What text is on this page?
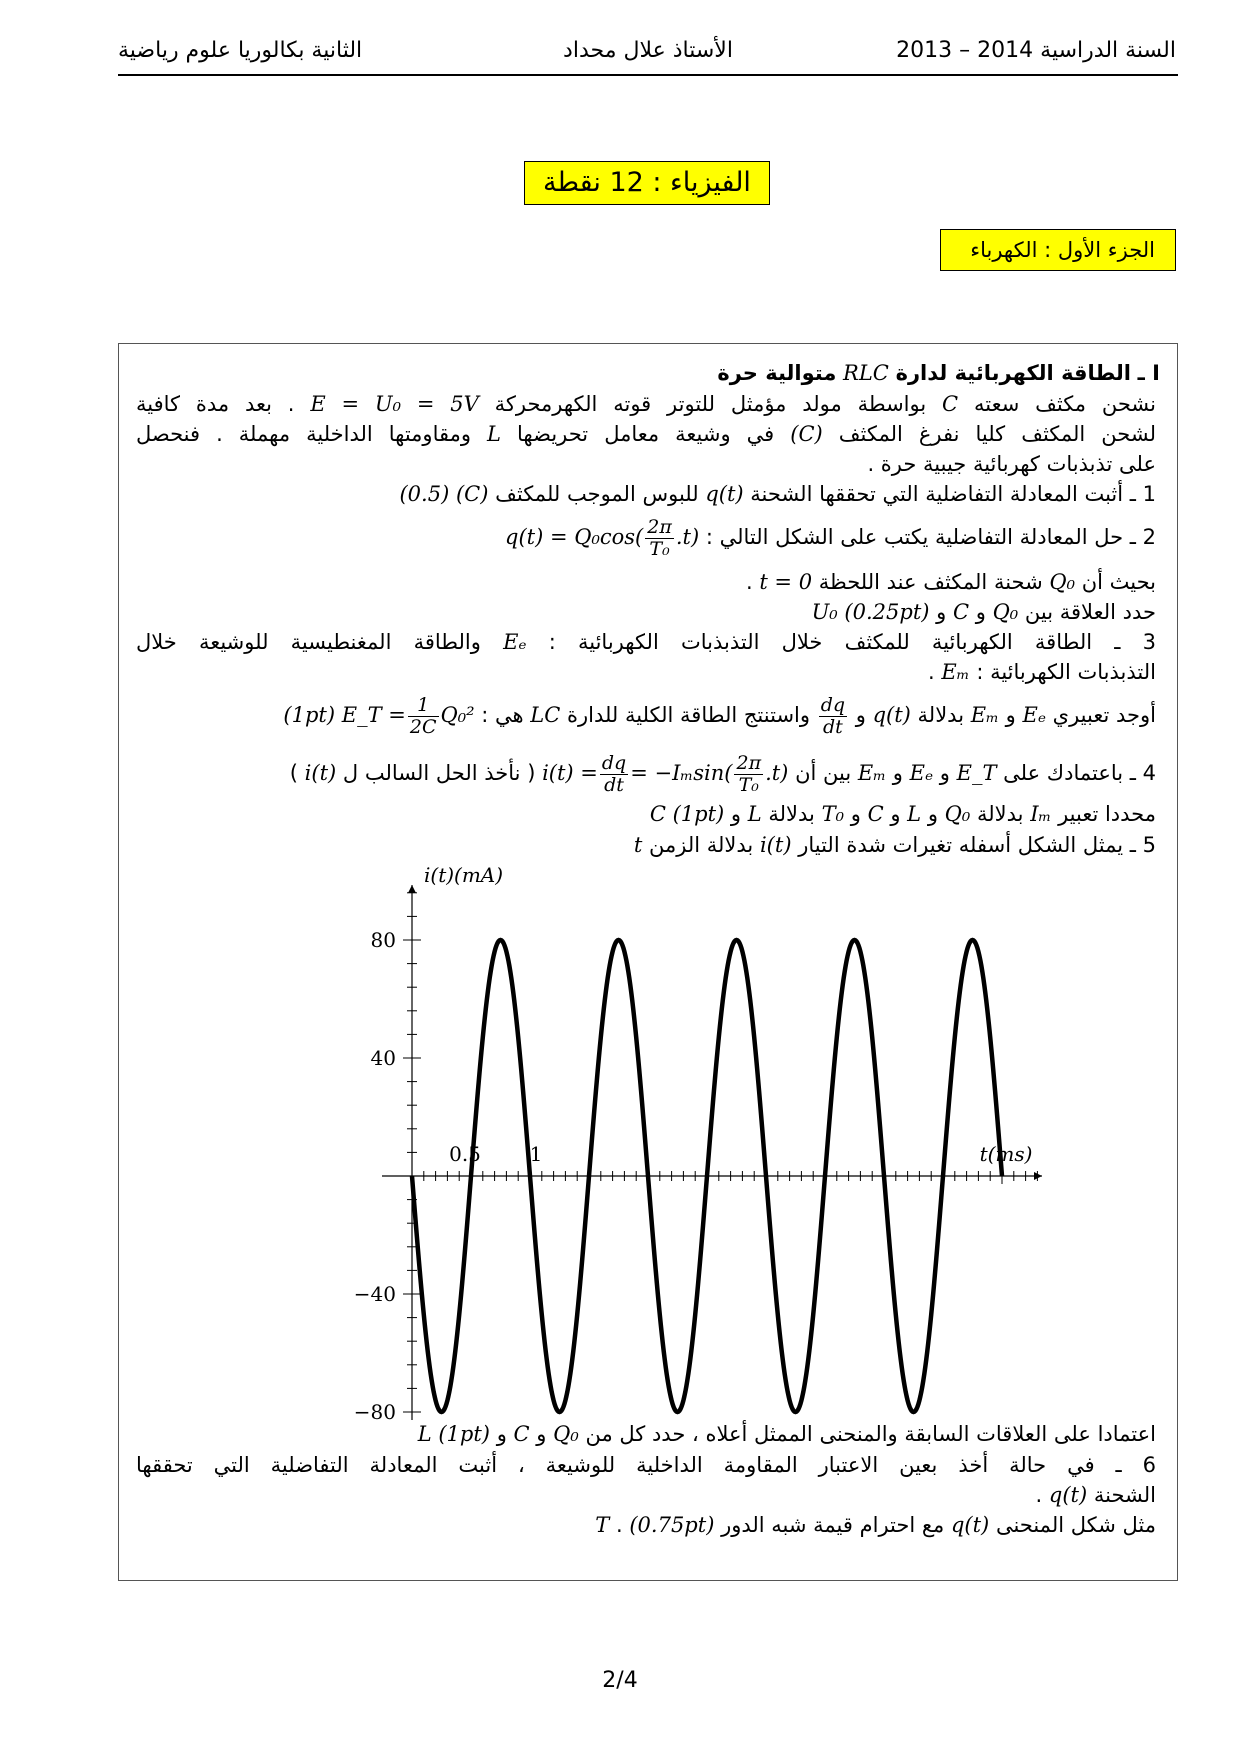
السنة الدراسية 2014 – 2013
الأستاذ علال محداد
الثانية بكالوريا علوم رياضية
الفيزياء : 12 نقطة
الجزء الأول : الكهرباء
I ـ الطاقة الكهربائية لدارة RLC متوالية حرة
نشحن مكثف سعته C بواسطة مولد مؤمثل للتوتر قوته الكهرمحركة E = U₀ = 5V . بعد مدة كافية
لشحن المكثف كليا نفرغ المكثف (C) في وشيعة معامل تحريضها L ومقاومتها الداخلية مهملة . فنحصل
على تذبذبات كهربائية جيبية حرة .
1 ـ أثبت المعادلة التفاضلية التي تحققها الشحنة q(t) للبوس الموجب للمكثف (C) (0.5)
2 ـ حل المعادلة التفاضلية يكتب على الشكل التالي : $q(t) = Q_0\cos( \frac{2\pi}{\text{T₀}} .t)$
بحيث أن Q₀ شحنة المكثف عند اللحظة t = 0 .
حدد العلاقة بين Q₀ و C و U₀ (0.25pt)
3 ـ الطاقة الكهربائية للمكثف خلال التذبذبات الكهربائية : Eₑ والطاقة المغنطيسية للوشيعة خلال
التذبذبات الكهربائية : Eₘ .
أوجد تعبيري Eₑ و Eₘ بدلالة q(t) و
$\frac{dq}{dt}$
واستنتج الطاقة الكلية للدارة LC هي : E_T = $\frac{1}{2C} Q_0^2$ (1pt)
4 ـ باعتمادك على E_T و Eₑ و Eₘ بين أن $i(t) = \frac{dq}{dt} = -I_m\sin( \frac{2\pi}{\text{T₀}} .t)$ ( نأخذ الحل السالب ل i(t) )
محددا تعبير Iₘ بدلالة Q₀ و L و C و T₀ بدلالة L و C (1pt)
5 ـ يمثل الشكل أسفله تغيرات شدة التيار i(t) بدلالة الزمن t
80
40
−40
−80
0.5 1	t(ms)
i(t)(mA)
اعتمادا على العلاقات السابقة والمنحنى الممثل أعلاه ، حدد كل من Q₀ و C و L (1pt)
6 ـ في حالة أخذ بعين الاعتبار المقاومة الداخلية للوشيعة ، أثبت المعادلة التفاضلية التي تحققها
الشحنة q(t) .
مثل شكل المنحنى q(t) مع احترام قيمة شبه الدور T . (0.75pt)
2/4
